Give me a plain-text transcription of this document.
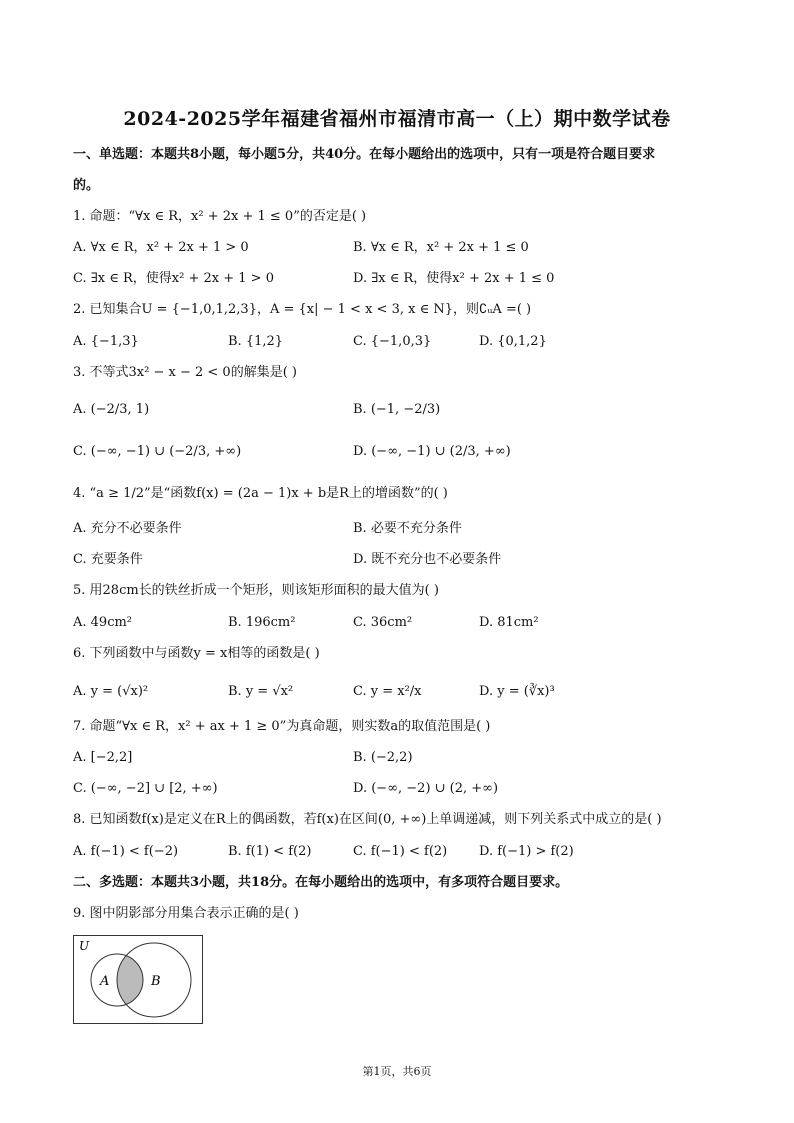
2024-2025学年福建省福州市福清市高一（上）期中数学试卷
一、单选题：本题共8小题，每小题5分，共40分。在每小题给出的选项中，只有一项是符合题目要求
的。
1. 命题：“∀x ∈ R，x² + 2x + 1 ≤ 0”的否定是( )
A. ∀x ∈ R，x² + 2x + 1 > 0	B. ∀x ∈ R，x² + 2x + 1 ≤ 0
C. ∃x ∈ R，使得x² + 2x + 1 > 0	D. ∃x ∈ R，使得x² + 2x + 1 ≤ 0
2. 已知集合U = {−1,0,1,2,3}，A = {x| − 1 < x < 3, x ∈ N}，则∁ᵤA =( )
A. {−1,3}	B. {1,2}	C. {−1,0,3}	D. {0,1,2}
3. 不等式3x² − x − 2 < 0的解集是( )
A. (−2/3, 1)	B. (−1, −2/3)
C. (−∞, −1) ∪ (−2/3, +∞)	D. (−∞, −1) ∪ (2/3, +∞)
4. “a ≥ 1/2”是“函数f(x) = (2a − 1)x + b是R上的增函数”的( )
A. 充分不必要条件	B. 必要不充分条件
C. 充要条件	D. 既不充分也不必要条件
5. 用28cm长的铁丝折成一个矩形，则该矩形面积的最大值为( )
A. 49cm²	B. 196cm²	C. 36cm²	D. 81cm²
6. 下列函数中与函数y = x相等的函数是( )
A. y = (√x)²	B. y = √x²	C. y = x²/x	D. y = (∛x)³
7. 命题“∀x ∈ R，x² + ax + 1 ≥ 0”为真命题，则实数a的取值范围是( )
A. [−2,2]	B. (−2,2)
C. (−∞, −2] ∪ [2, +∞)	D. (−∞, −2) ∪ (2, +∞)
8. 已知函数f(x)是定义在R上的偶函数，若f(x)在区间(0, +∞)上单调递减，则下列关系式中成立的是( )
A. f(−1) < f(−2)	B. f(1) < f(2)	C. f(−1) < f(2) D. f(−1) > f(2)
二、多选题：本题共3小题，共18分。在每小题给出的选项中，有多项符合题目要求。
9. 图中阴影部分用集合表示正确的是( )
U
A	B
第1页，共6页
